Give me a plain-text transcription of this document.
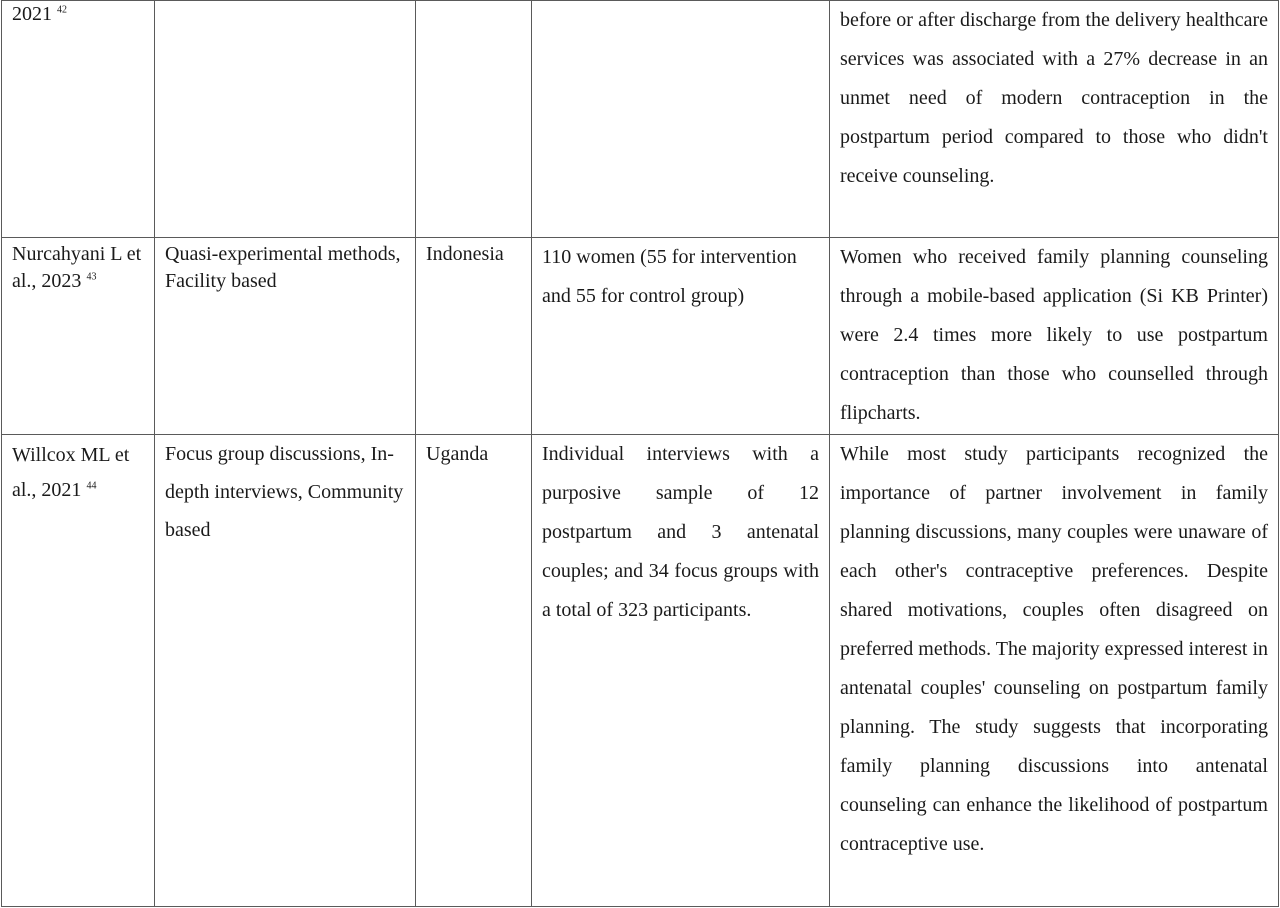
2021 $^{42}$				before or after discharge from the delivery healthcare services was associated with a 27% decrease in an unmet need of modern contraception in the postpartum period compared to those who didn't receive counseling.
Nurcahyani L et al., 2023 $^{43}$	Quasi-experimental methods, Facility based	Indonesia	110 women (55 for intervention and 55 for control group)	Women who received family planning counseling through a mobile-based application (Si KB Printer) were 2.4 times more likely to use postpartum contraception than those who counselled through flipcharts.
Willcox ML et al., 2021 $^{44}$	Focus group discussions, In-depth interviews, Community based	Uganda	Individual interviews with a purposive sample of 12 postpartum and 3 antenatal couples; and 34 focus groups with a total of 323 participants.	While most study participants recognized the importance of partner involvement in family planning discussions, many couples were unaware of each other's contraceptive preferences. Despite shared motivations, couples often disagreed on preferred methods. The majority expressed interest in antenatal couples' counseling on postpartum family planning. The study suggests that incorporating family planning discussions into antenatal counseling can enhance the likelihood of postpartum contraceptive use.
